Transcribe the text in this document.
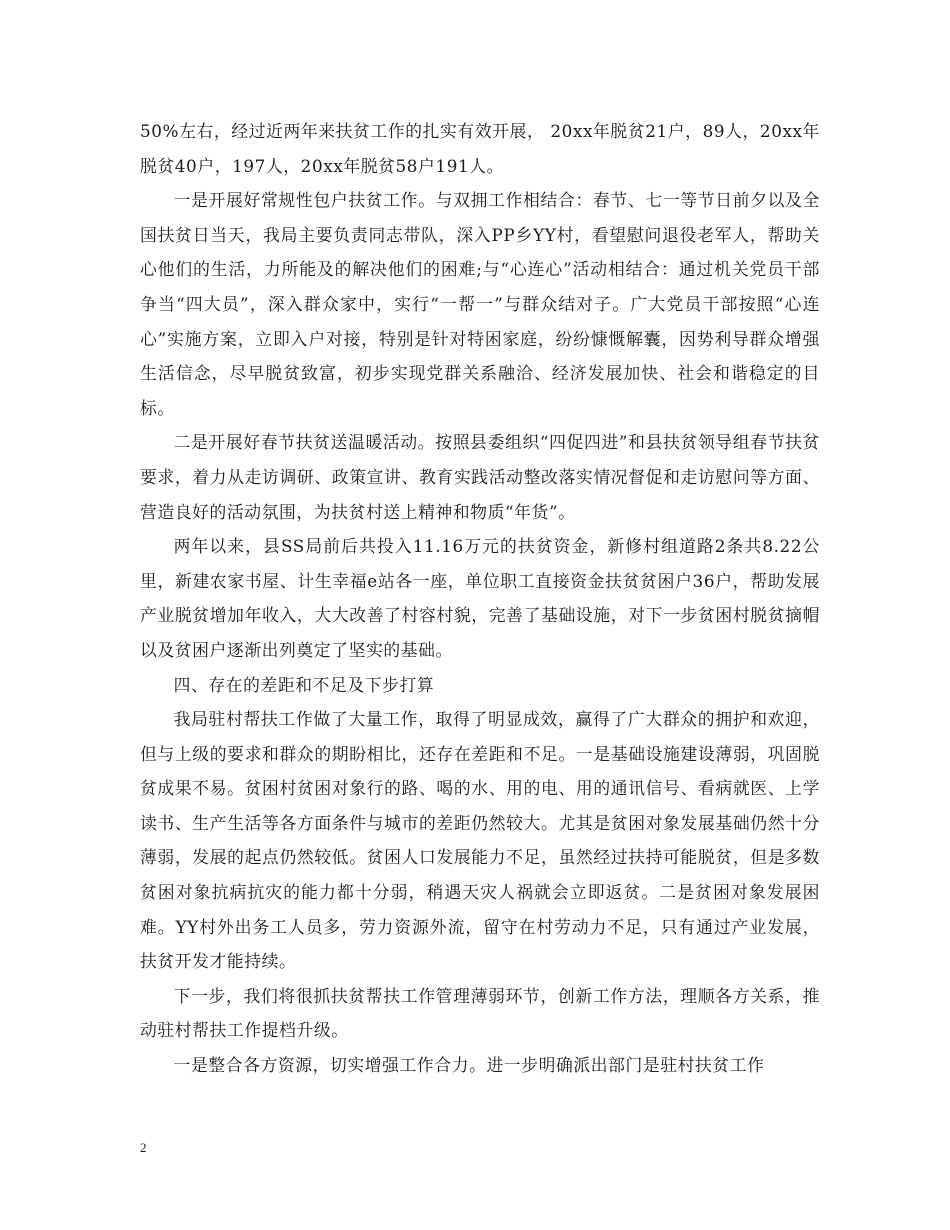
50%左右，经过近两年来扶贫工作的扎实有效开展， 20xx年脱贫21户，89人，20xx年脱贫40户，197人，20xx年脱贫58户191人。

一是开展好常规性包户扶贫工作。与双拥工作相结合：春节、七一等节日前夕以及全国扶贫日当天，我局主要负责同志带队，深入PP乡YY村，看望慰问退役老军人，帮助关心他们的生活，力所能及的解决他们的困难;与“心连心”活动相结合：通过机关党员干部争当“四大员”，深入群众家中，实行“一帮一”与群众结对子。广大党员干部按照“心连心”实施方案，立即入户对接，特别是针对特困家庭，纷纷慷慨解囊，因势利导群众增强生活信念，尽早脱贫致富，初步实现党群关系融洽、经济发展加快、社会和谐稳定的目标。

二是开展好春节扶贫送温暖活动。按照县委组织“四促四进”和县扶贫领导组春节扶贫要求，着力从走访调研、政策宣讲、教育实践活动整改落实情况督促和走访慰问等方面、营造良好的活动氛围，为扶贫村送上精神和物质“年货”。

两年以来，县SS局前后共投入11.16万元的扶贫资金，新修村组道路2条共8.22公里，新建农家书屋、计生幸福e站各一座，单位职工直接资金扶贫贫困户36户，帮助发展产业脱贫增加年收入，大大改善了村容村貌，完善了基础设施，对下一步贫困村脱贫摘帽以及贫困户逐渐出列奠定了坚实的基础。

四、存在的差距和不足及下步打算

我局驻村帮扶工作做了大量工作，取得了明显成效，赢得了广大群众的拥护和欢迎，但与上级的要求和群众的期盼相比，还存在差距和不足。一是基础设施建设薄弱，巩固脱贫成果不易。贫困村贫困对象行的路、喝的水、用的电、用的通讯信号、看病就医、上学读书、生产生活等各方面条件与城市的差距仍然较大。尤其是贫困对象发展基础仍然十分薄弱，发展的起点仍然较低。贫困人口发展能力不足，虽然经过扶持可能脱贫，但是多数贫困对象抗病抗灾的能力都十分弱，稍遇天灾人祸就会立即返贫。二是贫困对象发展困难。YY村外出务工人员多，劳力资源外流，留守在村劳动力不足，只有通过产业发展，扶贫开发才能持续。

下一步，我们将很抓扶贫帮扶工作管理薄弱环节，创新工作方法，理顺各方关系，推动驻村帮扶工作提档升级。

一是整合各方资源，切实增强工作合力。进一步明确派出部门是驻村扶贫工作

2
